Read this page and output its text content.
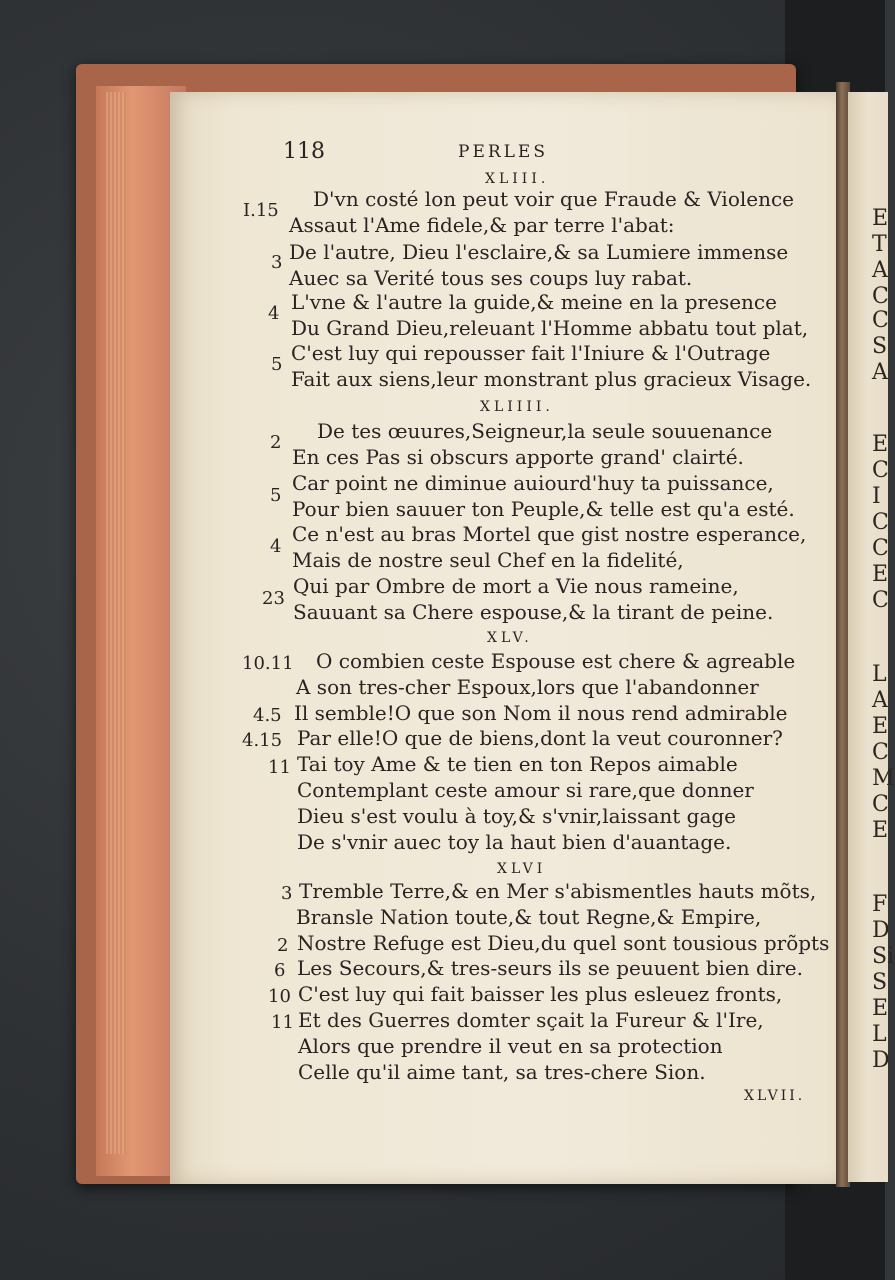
118	PERLES
XLIII.
I.15 D'vn costé lon peut voir que Fraude & Violence
Assaut l'Ame fidele,& par terre l'abat:
3 De l'autre, Dieu l'esclaire,& sa Lumiere immense
Auec sa Verité tous ses coups luy rabat.
4 L'vne & l'autre la guide,& meine en la presence
Du Grand Dieu,releuant l'Homme abbatu tout plat,
5 C'est luy qui repousser fait l'Iniure & l'Outrage
Fait aux siens,leur monstrant plus gracieux Visage.
XLIIII.
2 De tes œuures,Seigneur,la seule souuenance
En ces Pas si obscurs apporte grand' clairté.
5
Car point ne diminue auiourd'huy ta puissance,
Pour bien sauuer ton Peuple,& telle est qu'a esté.
4
Ce n'est au bras Mortel que gist nostre esperance,
Mais de nostre seul Chef en la fidelité,
23
Qui par Ombre de mort a Vie nous rameine,
Sauuant sa Chere espouse,& la tirant de peine.
XLV.
10.11 O combien ceste Espouse est chere & agreable
A son tres-cher Espoux,lors que l'abandonner
4.5 Il semble!O que son Nom il nous rend admirable
4.15 Par elle!O que de biens,dont la veut couronner?
11 Tai toy Ame & te tien en ton Repos aimable
Contemplant ceste amour si rare,que donner
Dieu s'est voulu à toy,& s'vnir,laissant gage
De s'vnir auec toy la haut bien d'auantage.
XLVI
3 Tremble Terre,& en Mer s'abismentles hauts mõts,
Bransle Nation toute,& tout Regne,& Empire,
2 Nostre Refuge est Dieu,du quel sont tousious prõpts
6 Les Secours,& tres-seurs ils se peuuent bien dire.
10 C'est luy qui fait baisser les plus esleuez fronts,
11 Et des Guerres domter sçait la Fureur & l'Ire,
Alors que prendre il veut en sa protection
Celle qu'il aime tant, sa tres-chere Sion.
XLVII.
E
T
A
C
C
S
A
E
C
I
C
C
E
C
L
A
E
C
M
C
E
F
D
Si
S
E
L
D
